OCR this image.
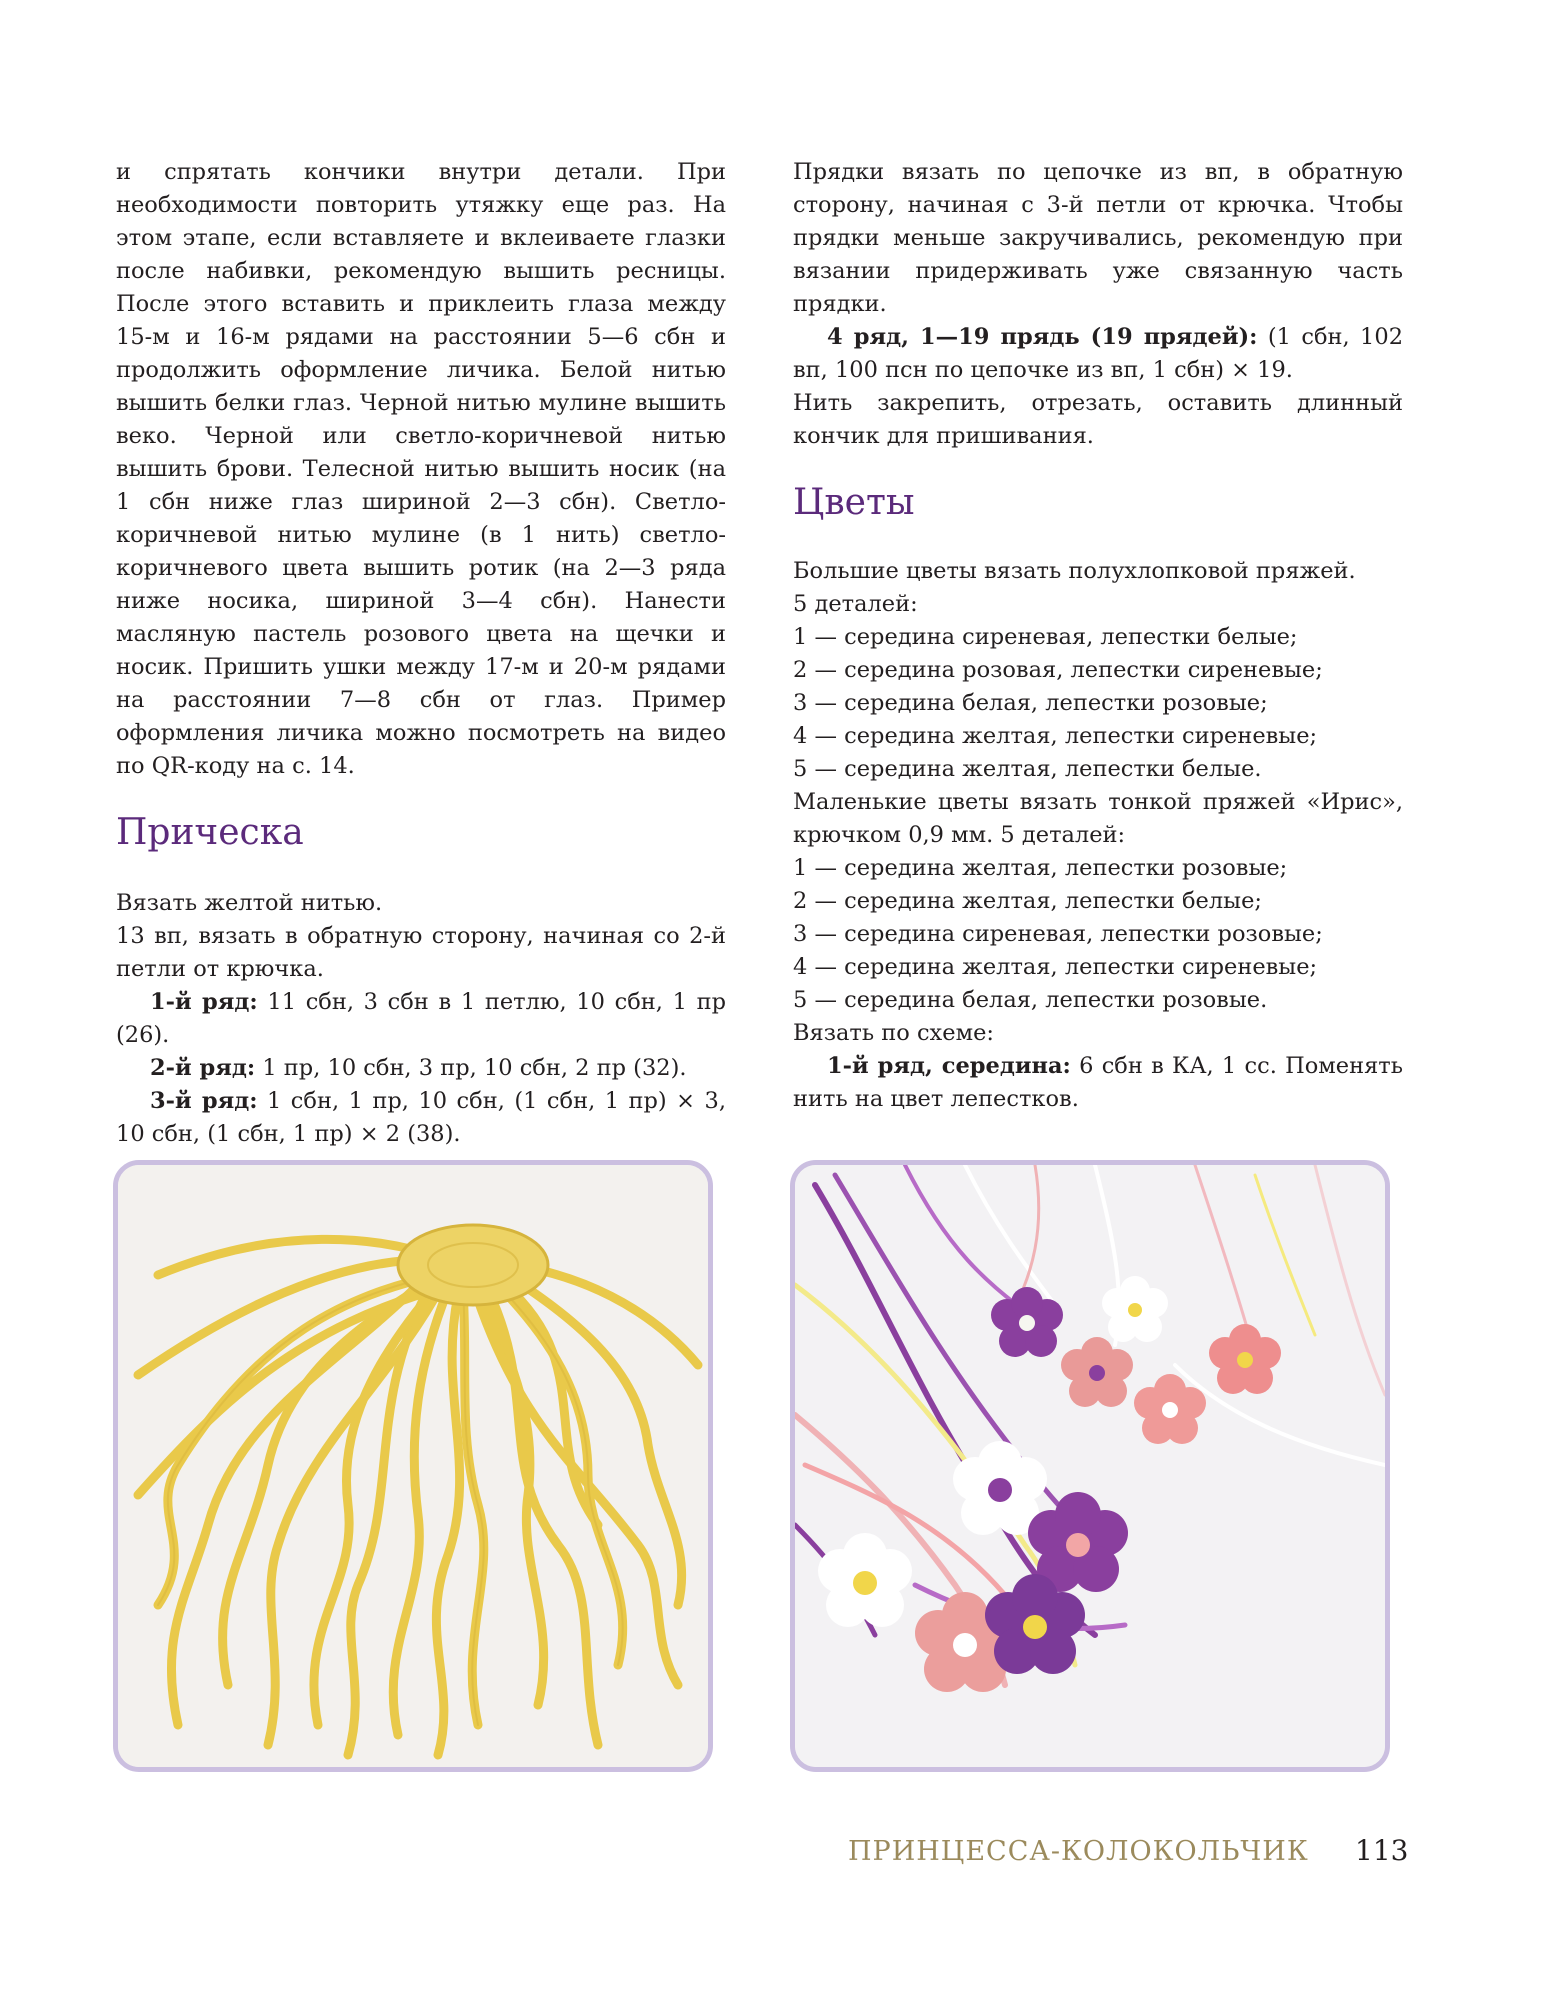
и спрятать кончики внутри детали. При необходимости повторить утяжку еще раз. На этом этапе, если вставляете и вклеиваете глазки после набивки, рекомендую вышить ресницы. После этого вставить и приклеить глаза между 15-м и 16-м рядами на расстоянии 5—6 сбн и продолжить оформление личика. Белой нитью вышить белки глаз. Черной нитью мулине вышить веко. Черной или светло-коричневой нитью вышить брови. Телесной нитью вышить носик (на 1 сбн ниже глаз шириной 2—3 сбн). Светло-коричневой нитью мулине (в 1 нить) светло-коричневого цвета вышить ротик (на 2—3 ряда ниже носика, шириной 3—4 сбн). Нанести масляную пастель розового цвета на щечки и носик. Пришить ушки между 17-м и 20-м рядами на расстоянии 7—8 сбн от глаз. Пример оформления личика можно посмотреть на видео по QR-коду на с. 14.

Прическа

Вязать желтой нитью.

13 вп, вязать в обратную сторону, начиная со 2-й петли от крючка.

1-й ряд: 11 сбн, 3 сбн в 1 петлю, 10 сбн, 1 пр (26).

2-й ряд: 1 пр, 10 сбн, 3 пр, 10 сбн, 2 пр (32).

3-й ряд: 1 сбн, 1 пр, 10 сбн, (1 сбн, 1 пр) × 3, 10 сбн, (1 сбн, 1 пр) × 2 (38).

Прядки вязать по цепочке из вп, в обратную сторону, начиная с 3-й петли от крючка. Чтобы прядки меньше закручивались, рекомендую при вязании придерживать уже связанную часть прядки.

4 ряд, 1—19 прядь (19 прядей): (1 сбн, 102 вп, 100 псн по цепочке из вп, 1 сбн) × 19.

Нить закрепить, отрезать, оставить длинный кончик для пришивания.

Цветы

Большие цветы вязать полухлопковой пряжей.

5 деталей:

1 — середина сиреневая, лепестки белые;

2 — середина розовая, лепестки сиреневые;

3 — середина белая, лепестки розовые;

4 — середина желтая, лепестки сиреневые;

5 — середина желтая, лепестки белые.

Маленькие цветы вязать тонкой пряжей «Ирис», крючком 0,9 мм. 5 деталей:

1 — середина желтая, лепестки розовые;

2 — середина желтая, лепестки белые;

3 — середина сиреневая, лепестки розовые;

4 — середина желтая, лепестки сиреневые;

5 — середина белая, лепестки розовые.

Вязать по схеме:

1-й ряд, середина: 6 сбн в КА, 1 сс. Поменять нить на цвет лепестков.

ПРИНЦЕССА-КОЛОКОЛЬЧИК 113
